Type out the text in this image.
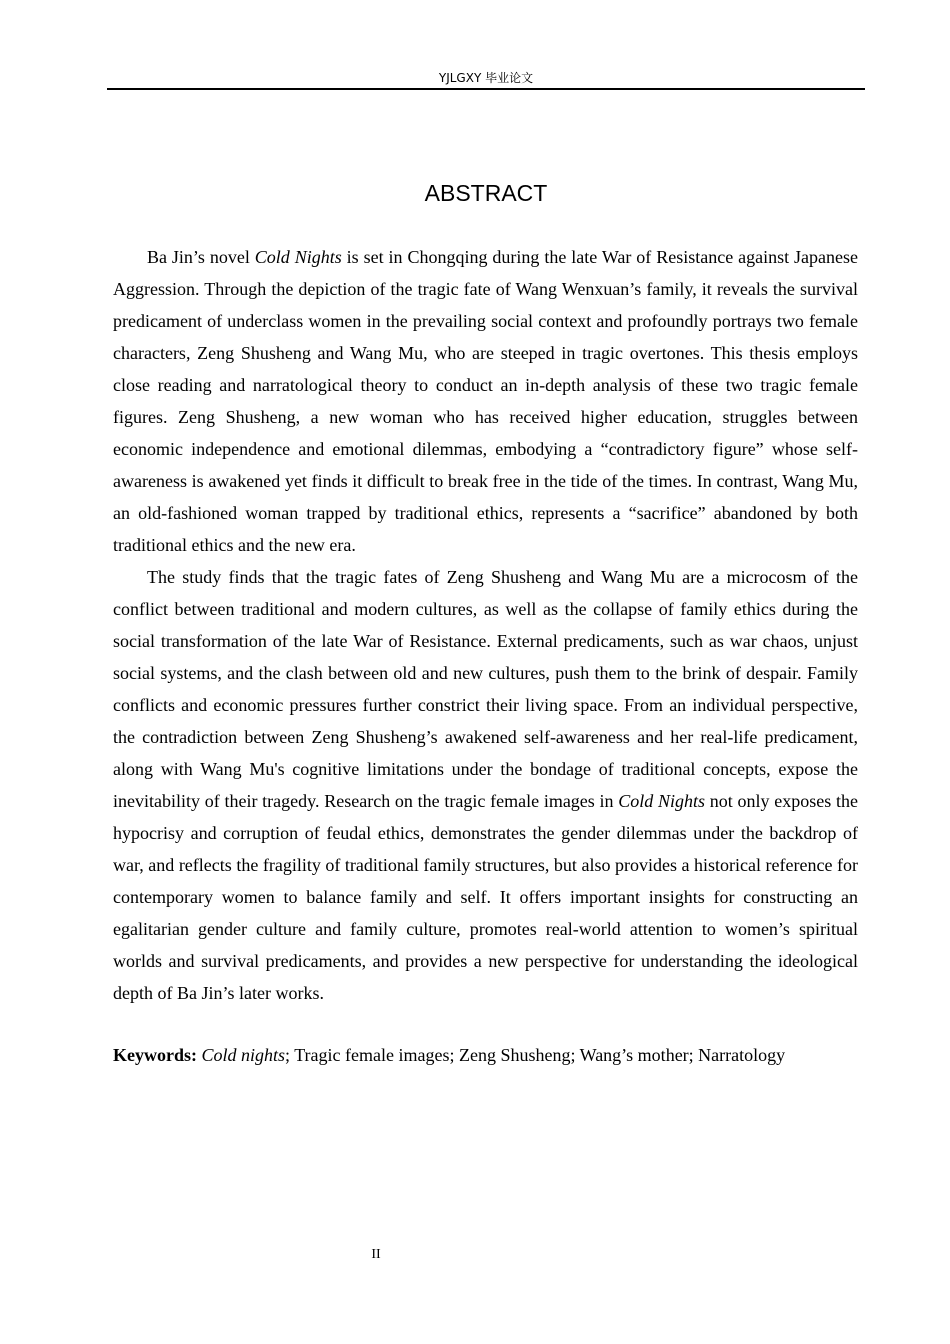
YJLGXY 毕业论文
ABSTRACT

Ba Jin’s novel Cold Nights is set in Chongqing during the late War of Resistance against Japanese Aggression. Through the depiction of the tragic fate of Wang Wenxuan’s family, it reveals the survival predicament of underclass women in the prevailing social context and profoundly portrays two female characters, Zeng Shusheng and Wang Mu, who are steeped in tragic overtones. This thesis employs close reading and narratological theory to conduct an in-depth analysis of these two tragic female figures. Zeng Shusheng, a new woman who has received higher education, struggles between economic independence and emotional dilemmas, embodying a “contradictory figure” whose self-awareness is awakened yet finds it difficult to break free in the tide of the times. In contrast, Wang Mu, an old-fashioned woman trapped by traditional ethics, represents a “sacrifice” abandoned by both traditional ethics and the new era.

The study finds that the tragic fates of Zeng Shusheng and Wang Mu are a microcosm of the conflict between traditional and modern cultures, as well as the collapse of family ethics during the social transformation of the late War of Resistance. External predicaments, such as war chaos, unjust social systems, and the clash between old and new cultures, push them to the brink of despair. Family conflicts and economic pressures further constrict their living space. From an individual perspective, the contradiction between Zeng Shusheng’s awakened self-awareness and her real-life predicament, along with Wang Mu's cognitive limitations under the bondage of traditional concepts, expose the inevitability of their tragedy. Research on the tragic female images in Cold Nights not only exposes the hypocrisy and corruption of feudal ethics, demonstrates the gender dilemmas under the backdrop of war, and reflects the fragility of traditional family structures, but also provides a historical reference for contemporary women to balance family and self. It offers important insights for constructing an egalitarian gender culture and family culture, promotes real-world attention to women’s spiritual worlds and survival predicaments, and provides a new perspective for understanding the ideological depth of Ba Jin’s later works.

Keywords: Cold nights; Tragic female images; Zeng Shusheng; Wang’s mother; Narratology
II
